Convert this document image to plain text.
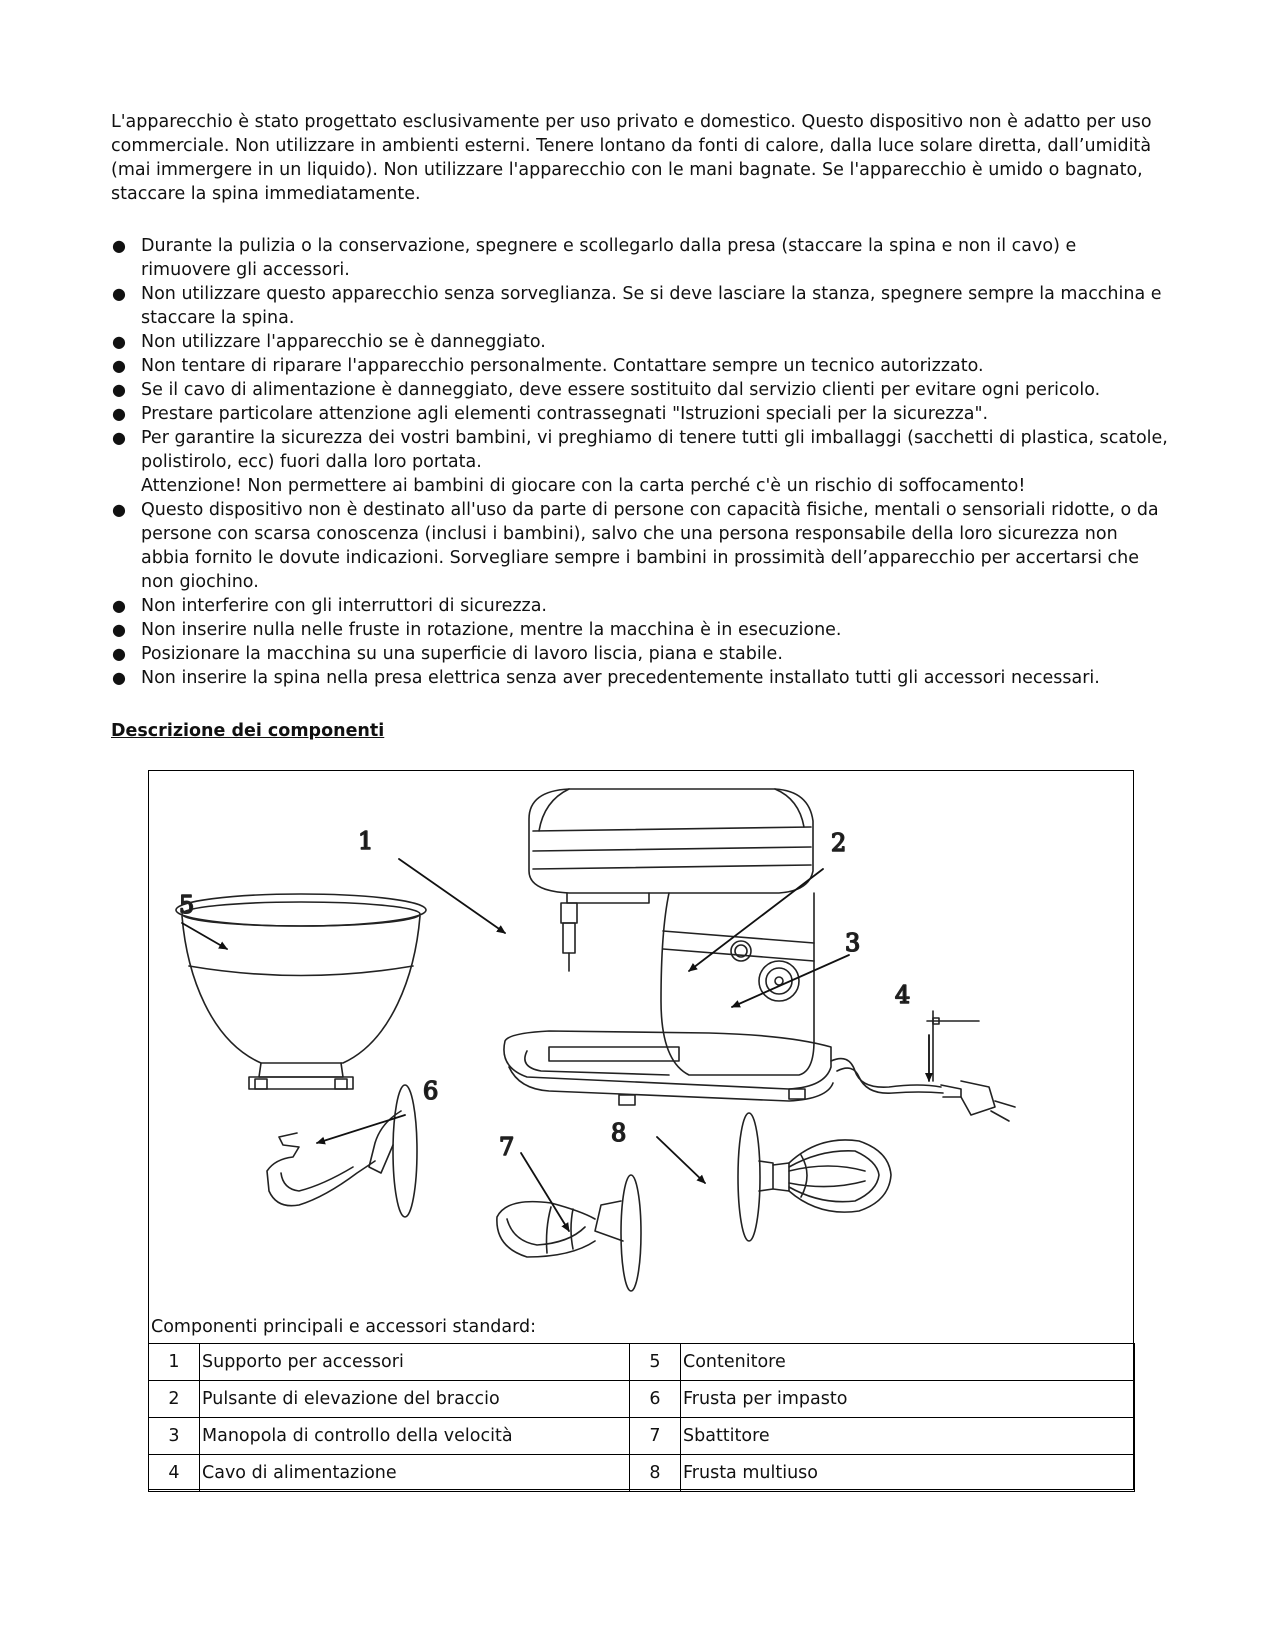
L'apparecchio è stato progettato esclusivamente per uso privato e domestico. Questo dispositivo non è adatto per uso commerciale. Non utilizzare in ambienti esterni. Tenere lontano da fonti di calore, dalla luce solare diretta, dall’umidità (mai immergere in un liquido). Non utilizzare l'apparecchio con le mani bagnate. Se l'apparecchio è umido o bagnato, staccare la spina immediatamente.

● Durante la pulizia o la conservazione, spegnere e scollegarlo dalla presa (staccare la spina e non il cavo) e rimuovere gli accessori.
● Non utilizzare questo apparecchio senza sorveglianza. Se si deve lasciare la stanza, spegnere sempre la macchina e staccare la spina.
● Non utilizzare l'apparecchio se è danneggiato.
● Non tentare di riparare l'apparecchio personalmente. Contattare sempre un tecnico autorizzato.
● Se il cavo di alimentazione è danneggiato, deve essere sostituito dal servizio clienti per evitare ogni pericolo.
● Prestare particolare attenzione agli elementi contrassegnati "Istruzioni speciali per la sicurezza".
● Per garantire la sicurezza dei vostri bambini, vi preghiamo di tenere tutti gli imballaggi (sacchetti di plastica, scatole, polistirolo, ecc) fuori dalla loro portata.
Attenzione! Non permettere ai bambini di giocare con la carta perché c'è un rischio di soffocamento!
● Questo dispositivo non è destinato all'uso da parte di persone con capacità fisiche, mentali o sensoriali ridotte, o da persone con scarsa conoscenza (inclusi i bambini), salvo che una persona responsabile della loro sicurezza non abbia fornito le dovute indicazioni. Sorvegliare sempre i bambini in prossimità dell’apparecchio per accertarsi che non giochino.
● Non interferire con gli interruttori di sicurezza.
● Non inserire nulla nelle fruste in rotazione, mentre la macchina è in esecuzione.
● Posizionare la macchina su una superficie di lavoro liscia, piana e stabile.
● Non inserire la spina nella presa elettrica senza aver precedentemente installato tutti gli accessori necessari.
Descrizione dei componenti
1	2
3
4
5
6
7	8
Componenti principali e accessori standard:
1	Supporto per accessori	5	Contenitore
2	Pulsante di elevazione del braccio	6	Frusta per impasto
3	Manopola di controllo della velocità	7	Sbattitore
4	Cavo di alimentazione	8	Frusta multiuso
